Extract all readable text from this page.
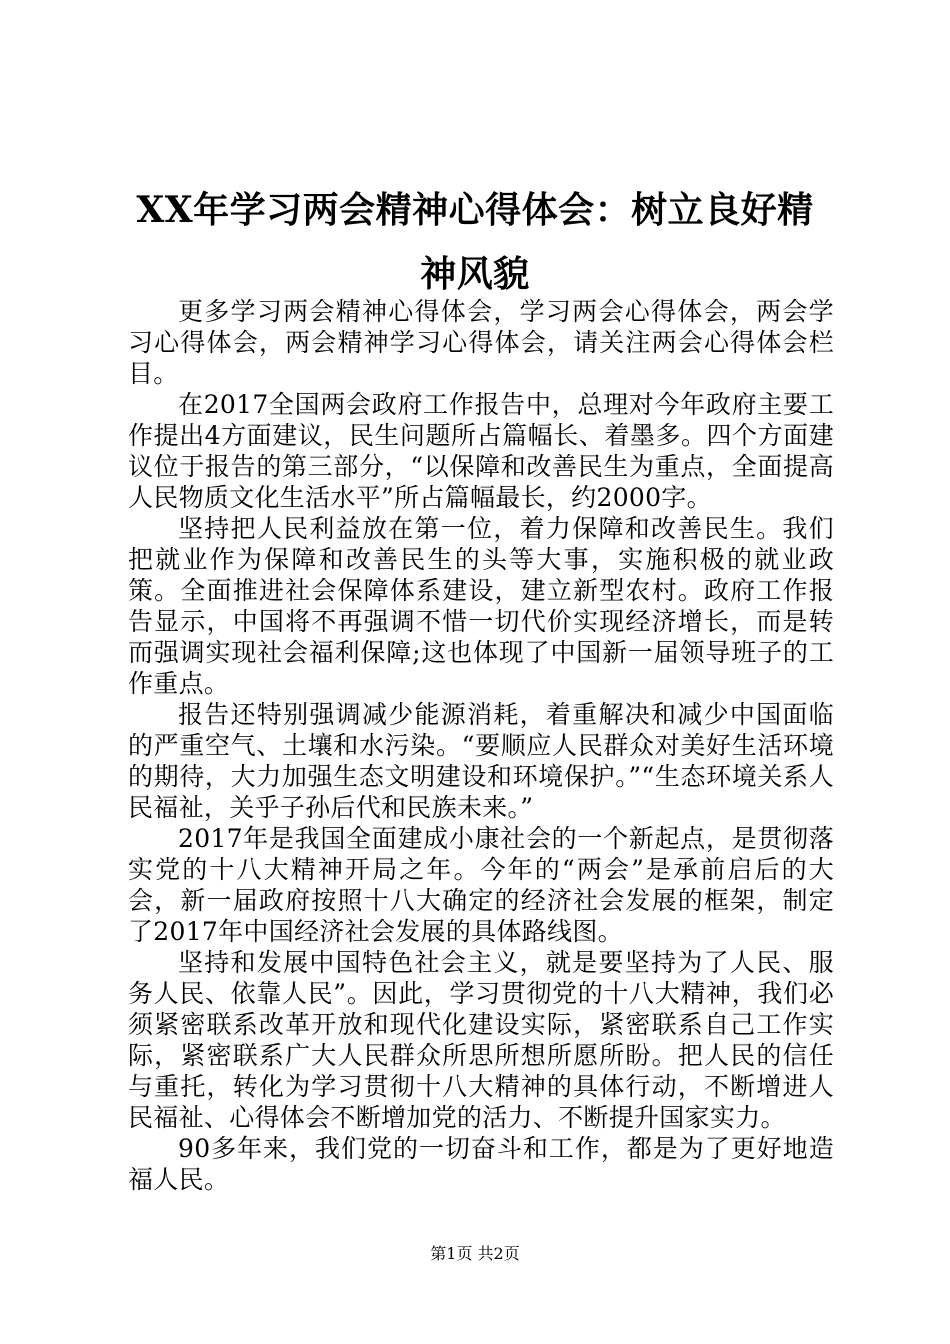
XX年学习两会精神心得体会：树立良好精神风貌

更多学习两会精神心得体会，学习两会心得体会，两会学习心得体会，两会精神学习心得体会，请关注两会心得体会栏目。

在2017全国两会政府工作报告中，总理对今年政府主要工作提出4方面建议，民生问题所占篇幅长、着墨多。四个方面建议位于报告的第三部分，“以保障和改善民生为重点，全面提高人民物质文化生活水平”所占篇幅最长，约2000字。

坚持把人民利益放在第一位，着力保障和改善民生。我们把就业作为保障和改善民生的头等大事，实施积极的就业政策。全面推进社会保障体系建设，建立新型农村。政府工作报告显示，中国将不再强调不惜一切代价实现经济增长，而是转而强调实现社会福利保障;这也体现了中国新一届领导班子的工作重点。

报告还特别强调减少能源消耗，着重解决和减少中国面临的严重空气、土壤和水污染。“要顺应人民群众对美好生活环境的期待，大力加强生态文明建设和环境保护。”“生态环境关系人民福祉，关乎子孙后代和民族未来。”

2017年是我国全面建成小康社会的一个新起点，是贯彻落实党的十八大精神开局之年。今年的“两会”是承前启后的大会，新一届政府按照十八大确定的经济社会发展的框架，制定了2017年中国经济社会发展的具体路线图。

坚持和发展中国特色社会主义，就是要坚持为了人民、服务人民、依靠人民”。因此，学习贯彻党的十八大精神，我们必须紧密联系改革开放和现代化建设实际，紧密联系自己工作实际，紧密联系广大人民群众所思所想所愿所盼。把人民的信任与重托，转化为学习贯彻十八大精神的具体行动，不断增进人民福祉、心得体会不断增加党的活力、不断提升国家实力。

90多年来，我们党的一切奋斗和工作，都是为了更好地造福人民。

第1页 共2页
